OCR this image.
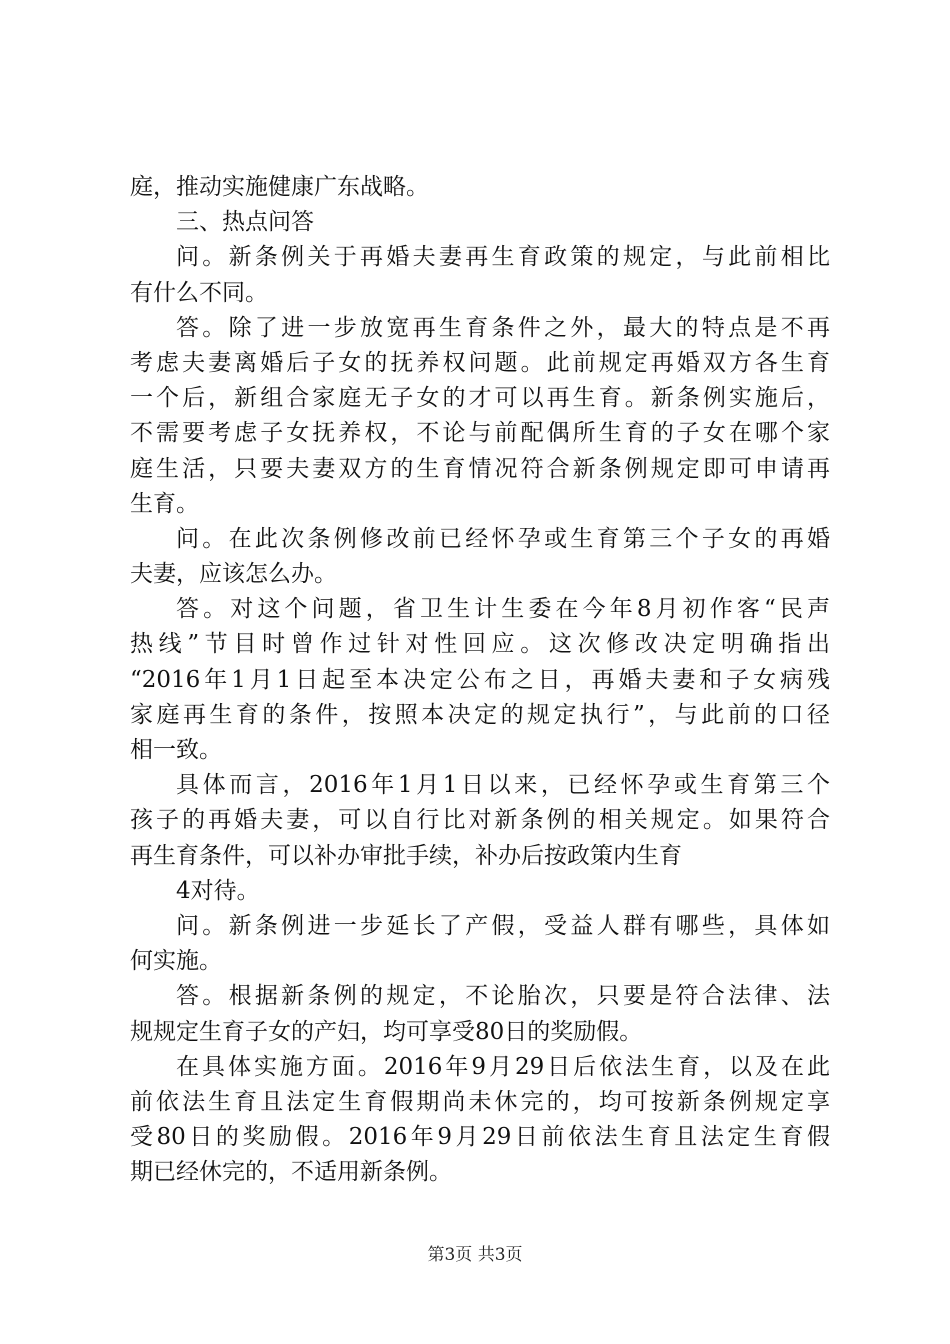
庭，推动实施健康广东战略。
三、热点问答
问。新条例关于再婚夫妻再生育政策的规定，与此前相比
有什么不同。
答。除了进一步放宽再生育条件之外，最大的特点是不再
考虑夫妻离婚后子女的抚养权问题。此前规定再婚双方各生育
一个后，新组合家庭无子女的才可以再生育。新条例实施后，
不需要考虑子女抚养权，不论与前配偶所生育的子女在哪个家
庭生活，只要夫妻双方的生育情况符合新条例规定即可申请再
生育。
问。在此次条例修改前已经怀孕或生育第三个子女的再婚
夫妻，应该怎么办。
答。对这个问题，省卫生计生委在今年8月初作客“民声
热线”节目时曾作过针对性回应。这次修改决定明确指出
“2016年1月1日起至本决定公布之日，再婚夫妻和子女病残
家庭再生育的条件，按照本决定的规定执行”，与此前的口径
相一致。
具体而言，2016年1月1日以来，已经怀孕或生育第三个
孩子的再婚夫妻，可以自行比对新条例的相关规定。如果符合
再生育条件，可以补办审批手续，补办后按政策内生育
4对待。
问。新条例进一步延长了产假，受益人群有哪些，具体如
何实施。
答。根据新条例的规定，不论胎次，只要是符合法律、法
规规定生育子女的产妇，均可享受80日的奖励假。
在具体实施方面。2016年9月29日后依法生育，以及在此
前依法生育且法定生育假期尚未休完的，均可按新条例规定享
受80日的奖励假。2016年9月29日前依法生育且法定生育假
期已经休完的，不适用新条例。
第3页 共3页
